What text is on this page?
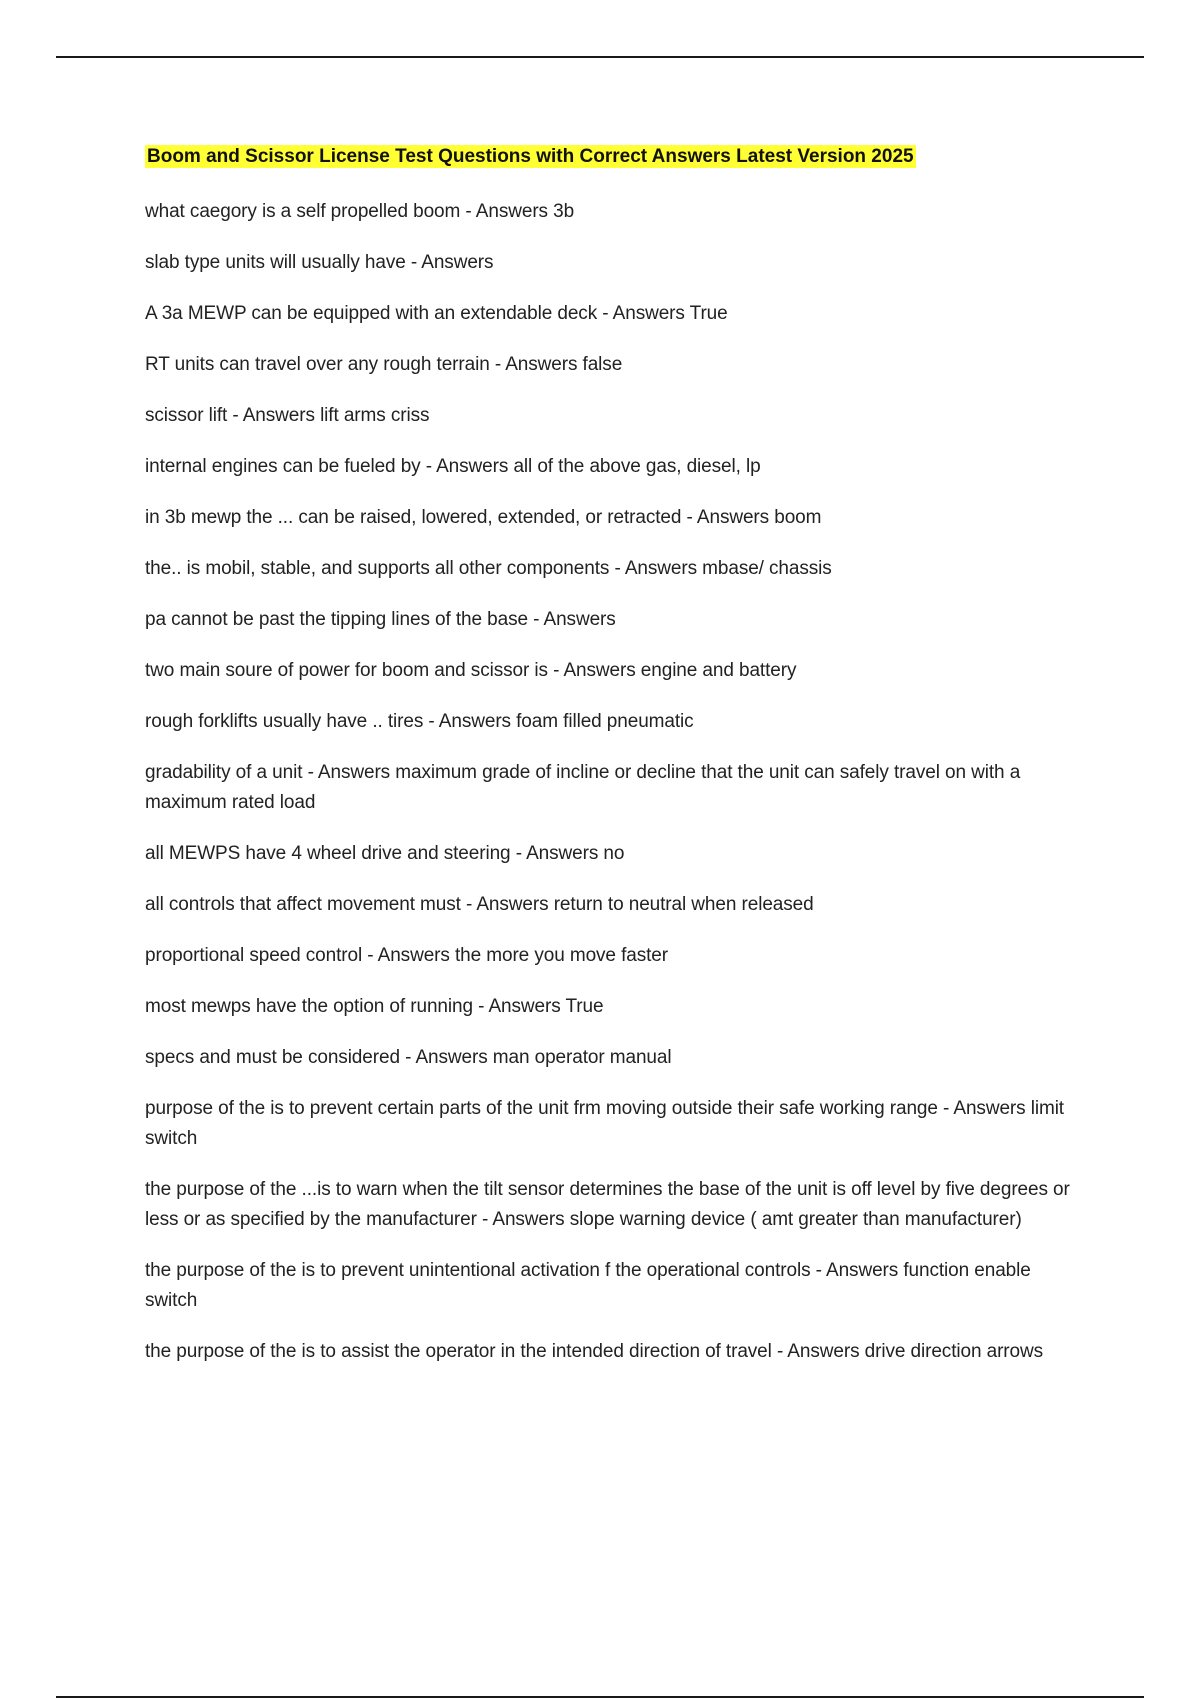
Boom and Scissor License Test Questions with Correct Answers Latest Version 2025
what caegory is a self propelled boom - Answers 3b
slab type units will usually have - Answers
A 3a MEWP can be equipped with an extendable deck - Answers True
RT units can travel over any rough terrain - Answers false
scissor lift - Answers lift arms criss
internal engines can be fueled by - Answers all of the above gas, diesel, lp
in 3b mewp the ... can be raised, lowered, extended, or retracted - Answers boom
the.. is mobil, stable, and supports all other components - Answers mbase/ chassis
pa cannot be past the tipping lines of the base - Answers
two main soure of power for boom and scissor is - Answers engine and battery
rough forklifts usually have .. tires - Answers foam filled pneumatic
gradability of a unit - Answers maximum grade of incline or decline that the unit can safely travel on with a maximum rated load
all MEWPS have 4 wheel drive and steering - Answers no
all controls that affect movement must - Answers return to neutral when released
proportional speed control - Answers the more you move faster
most mewps have the option of running - Answers True
specs and must be considered - Answers man operator manual
purpose of the is to prevent certain parts of the unit frm moving outside their safe working range - Answers limit switch
the purpose of the ...is to warn when the tilt sensor determines the base of the unit is off level by five degrees or less or as specified by the manufacturer - Answers slope warning device ( amt greater than manufacturer)
the purpose of the is to prevent unintentional activation f the operational controls - Answers function enable switch
the purpose of the is to assist the operator in the intended direction of travel - Answers drive direction arrows
